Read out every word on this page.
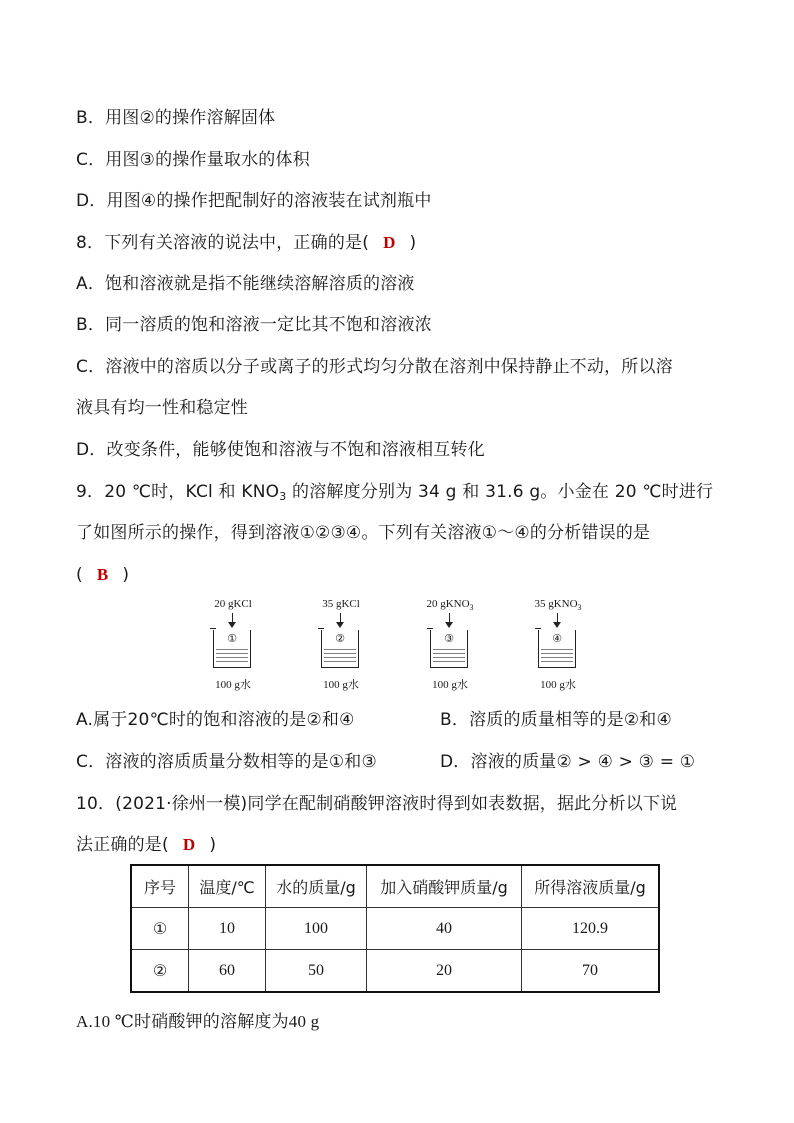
B．用图②的操作溶解固体
C．用图③的操作量取水的体积
D．用图④的操作把配制好的溶液装在试剂瓶中
8．下列有关溶液的说法中，正确的是( D )
A．饱和溶液就是指不能继续溶解溶质的溶液
B．同一溶质的饱和溶液一定比其不饱和溶液浓
C．溶液中的溶质以分子或离子的形式均匀分散在溶剂中保持静止不动，所以溶
液具有均一性和稳定性
D．改变条件，能够使饱和溶液与不饱和溶液相互转化
9．20 ℃时，KCl 和 $KNO_3$ 的溶解度分别为 34 g 和 31.6 g。小金在 20 ℃时进行
了如图所示的操作，得到溶液①②③④。下列有关溶液①～④的分析错误的是
( B )
20 gKCl
①
100 g水
35 gKCl
②
100 g水
20 gKNO$_3$
③
100 g水
35 gKNO$_3$
④
100 g水
A.属于20℃时的饱和溶液的是②和④	B．溶质的质量相等的是②和④
C．溶液的溶质质量分数相等的是①和③	D．溶液的质量② > ④ > ③ = ①
10．(2021·徐州一模)同学在配制硝酸钾溶液时得到如表数据，据此分析以下说
法正确的是( D )
序号	温度/℃	水的质量/g	加入硝酸钾质量/g	所得溶液质量/g
①	10	100	40	120.9
②	60	50	20	70
A.10 ℃时硝酸钾的溶解度为40 g
